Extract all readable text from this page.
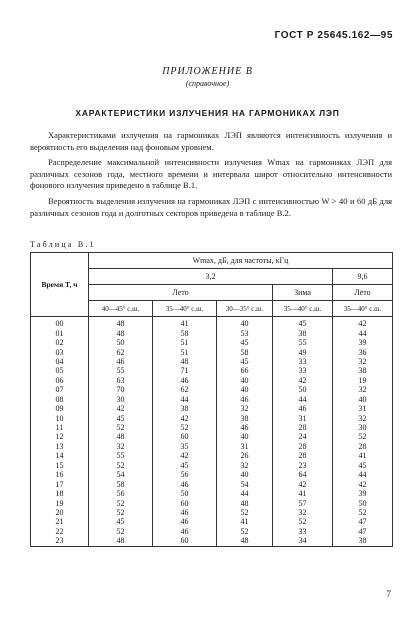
ГОСТ Р 25645.162—95
ПРИЛОЖЕНИЕ В
(справочное)
ХАРАКТЕРИСТИКИ ИЗЛУЧЕНИЯ НА ГАРМОНИКАХ ЛЭП

Характеристиками излучения на гармониках ЛЭП являются интенсивность излучения и вероятность его выделения над фоновым уровнем.

Распределение максимальной интенсивности излучения Wmax на гармониках ЛЭП для различных сезонов года, местного времени и интервала широт относительно интенсивности фонового излучения приведено в таблице В.1.

Вероятность выделения излучения на гармониках ЛЭП с интенсивностью W > 40 и 60 дБ для различных сезонов года и долготных секторов приведена в таблице В.2.

Таблица В.1
Время T, ч	Wmax, дБ, для частоты, кГц				
	3,2				9,6
	Лето			Зима	Лето
	40—45° с.ш.	35—40° с.ш.	30—35° с.ш.	35—40° с.ш.	35—40° с.ш.
00	48	41	40	45	42
01	48	58	53	38	44
02	50	51	45	55	39
03	62	51	58	49	36
04	46	48	45	33	32
05	55	71	66	33	38
06	63	46	40	42	19
07	70	62	40	50	32
08	30	44	46	44	40
09	42	38	32	46	31
10	45	42	38	31	32
11	52	52	46	28	30
12	48	60	40	24	52
13	32	35	31	28	28
14	55	42	26	28	41
15	52	45	32	23	45
16	54	56	40	64	44
17	58	46	54	42	42
18	56	50	44	41	39
19	52	60	48	57	50
20	52	46	52	32	52
21	45	46	41	52	47
22	52	46	52	33	47
23	48	60	48	34	38
7
